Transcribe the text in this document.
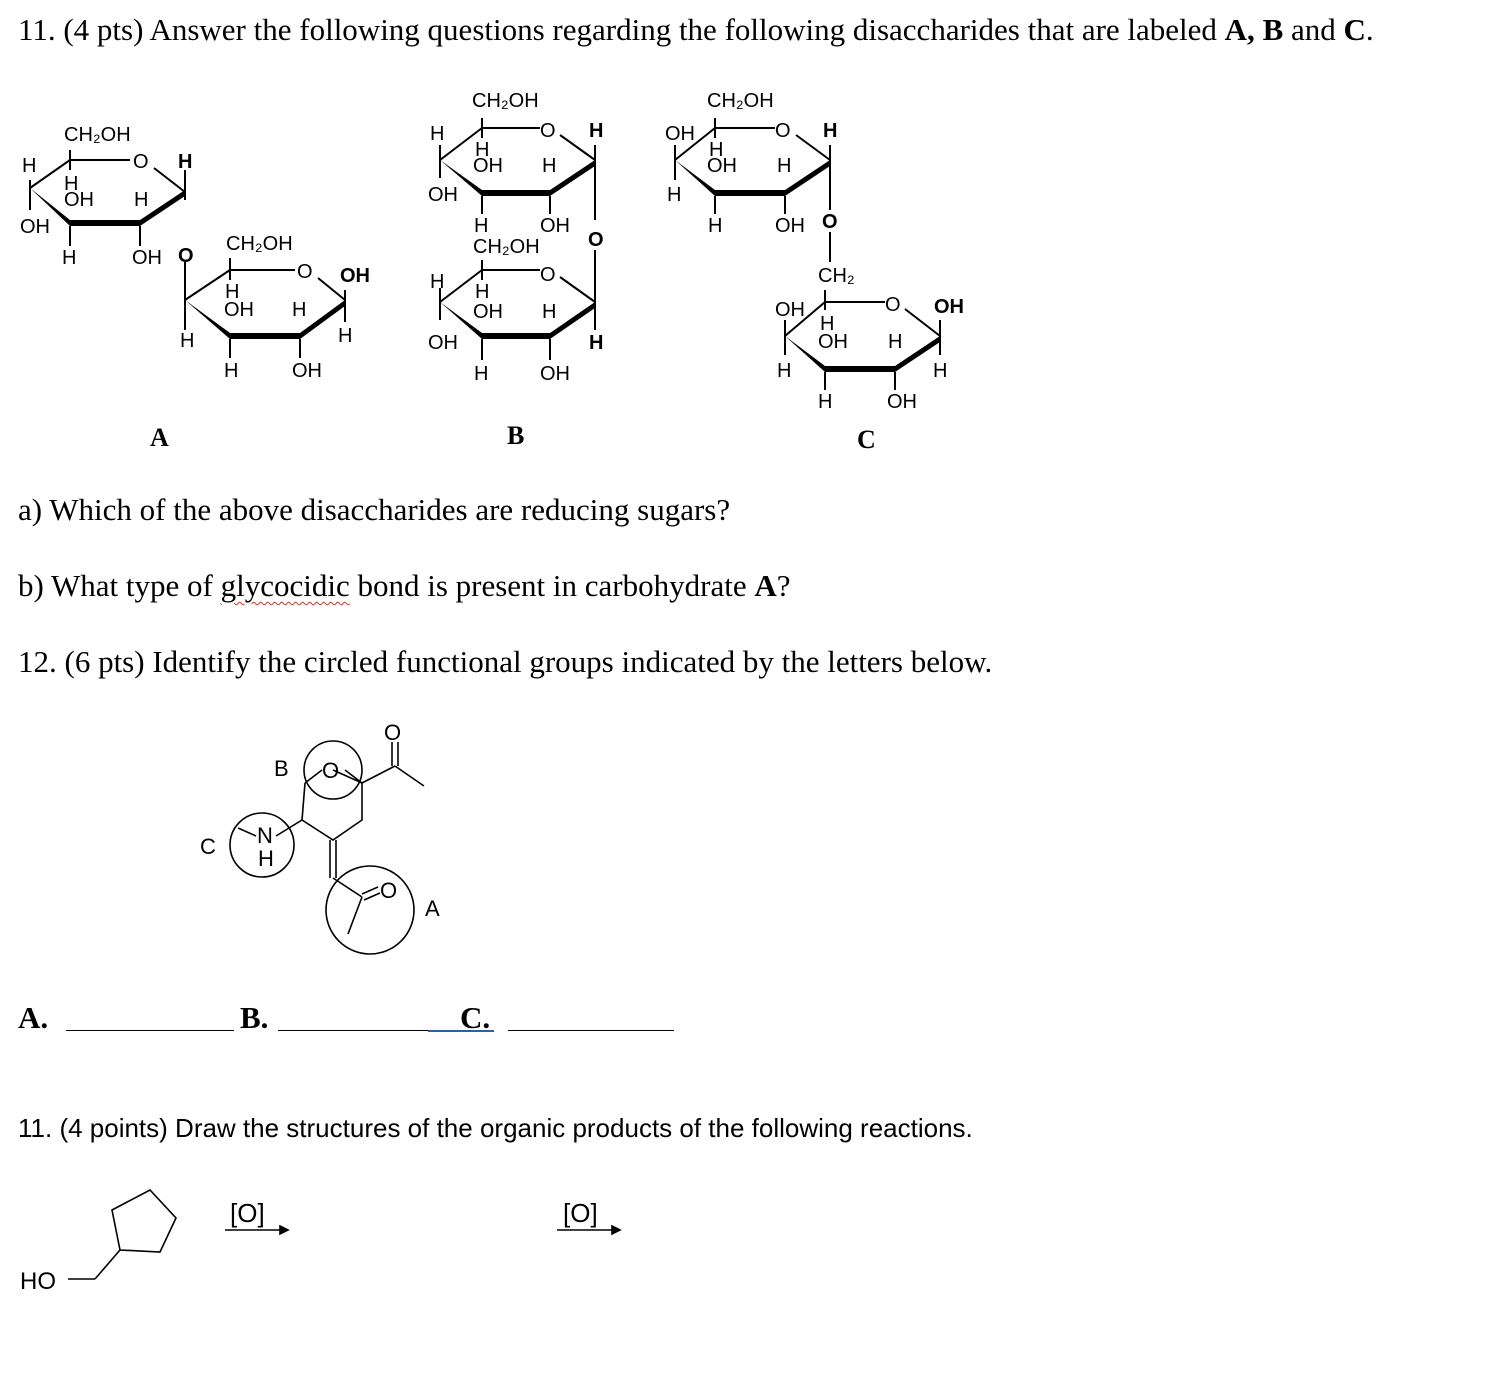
11. (4 pts) Answer the following questions regarding the following disaccharides that are labeled A, B and C.
CH₂OH
O H
H
H
OH H
OH
H	OH O
CH₂OH
O OH
H
OH H
H
H
H	OH
CH₂OH
O H
H
H
OH H
OH
H	OH
O
CH₂OH
O
H H
OH H
OH	H
H	OH
CH₂OH
O H
OH
H
OH H
H
H	OH O
CH₂
O OH
OH
H
OH H
H	H
H	OH
A	B	C
a) Which of the above disaccharides are reducing sugars?
b) What type of glycocidic bond is present in carbohydrate A?
12. (6 pts) Identify the circled functional groups indicated by the letters below.
O
O
O
N
H
B
C
A
A.	B.	C.
11. (4 points) Draw the structures of the organic products of the following reactions.
[O]	[O]
HO
